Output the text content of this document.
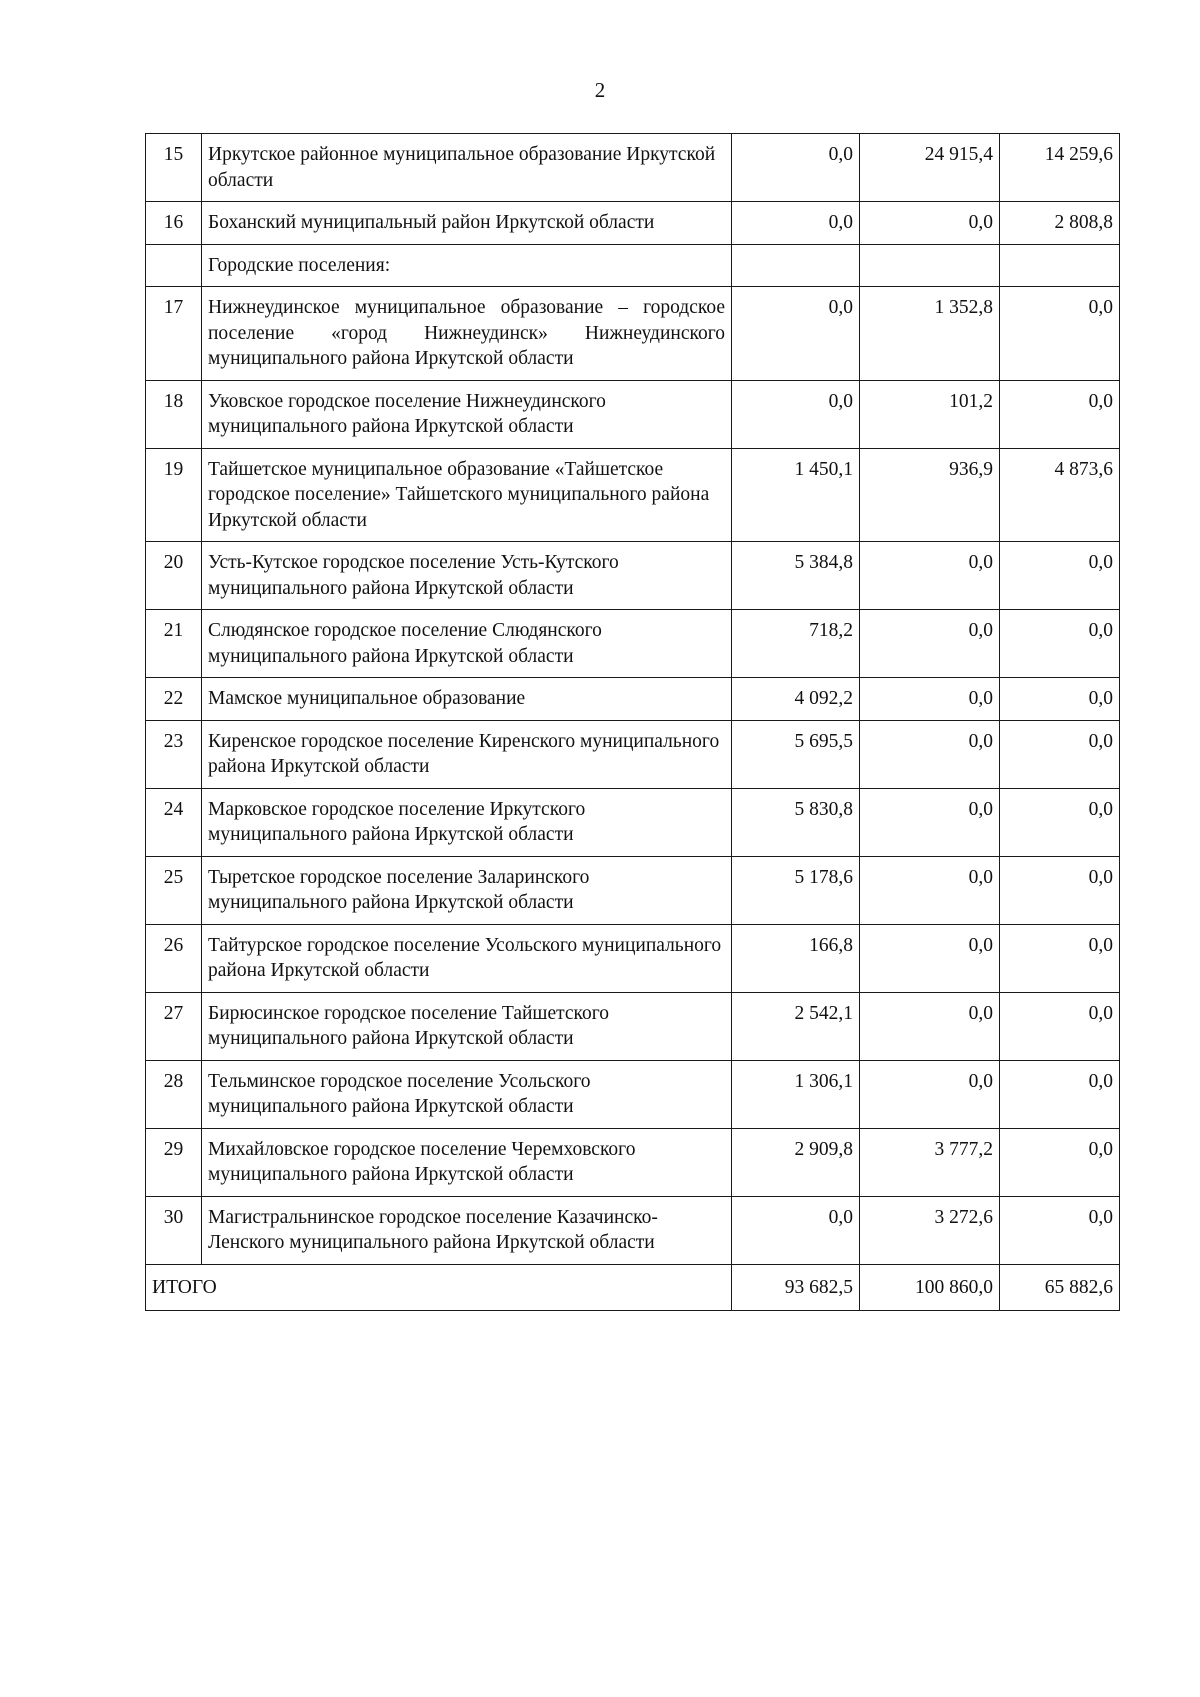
2
15	Иркутское районное муниципальное образование Иркутской области	0,0	24 915,4	14 259,6
16	Боханский муниципальный район Иркутской области	0,0	0,0	2 808,8
	Городские поселения:			
17	Нижнеудинское муниципальное образование – городское поселение «город Нижнеудинск» Нижнеудинского муниципального района Иркутской области	0,0	1 352,8	0,0
18	Уковское городское поселение Нижнеудинского муниципального района Иркутской области	0,0	101,2	0,0
19	Тайшетское муниципальное образование «Тайшетское городское поселение» Тайшетского муниципального района Иркутской области	1 450,1	936,9	4 873,6
20	Усть-Кутское городское поселение Усть-Кутского муниципального района Иркутской области	5 384,8	0,0	0,0
21	Слюдянское городское поселение Слюдянского муниципального района Иркутской области	718,2	0,0	0,0
22	Мамское муниципальное образование	4 092,2	0,0	0,0
23	Киренское городское поселение Киренского муниципального района Иркутской области	5 695,5	0,0	0,0
24	Марковское городское поселение Иркутского муниципального района Иркутской области	5 830,8	0,0	0,0
25	Тыретское городское поселение Заларинского муниципального района Иркутской области	5 178,6	0,0	0,0
26	Тайтурское городское поселение Усольского муниципального района Иркутской области	166,8	0,0	0,0
27	Бирюсинское городское поселение Тайшетского муниципального района Иркутской области	2 542,1	0,0	0,0
28	Тельминское городское поселение Усольского муниципального района Иркутской области	1 306,1	0,0	0,0
29	Михайловское городское поселение Черемховского муниципального района Иркутской области	2 909,8	3 777,2	0,0
30	Магистральнинское городское поселение Казачинско-Ленского муниципального района Иркутской области	0,0	3 272,6	0,0
ИТОГО		93 682,5	100 860,0	65 882,6
